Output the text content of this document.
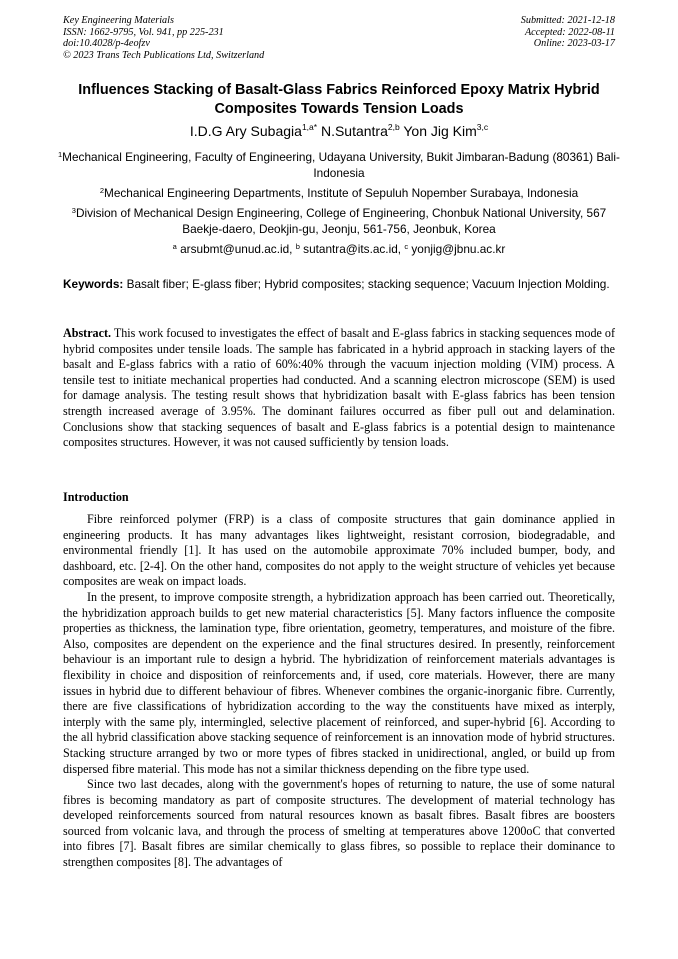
Key Engineering Materials
ISSN: 1662-9795, Vol. 941, pp 225-231
doi:10.4028/p-4eofzv
© 2023 Trans Tech Publications Ltd, Switzerland
Submitted: 2021-12-18
Accepted: 2022-08-11
Online: 2023-03-17
Influences Stacking of Basalt-Glass Fabrics Reinforced Epoxy Matrix Hybrid Composites Towards Tension Loads
I.D.G Ary Subagia$^{1,a*}$ N.Sutantra$^{2,b}$ Yon Jig Kim$^{3,c}$
$^1$Mechanical Engineering, Faculty of Engineering, Udayana University, Bukit Jimbaran-Badung (80361) Bali-Indonesia
$^2$Mechanical Engineering Departments, Institute of Sepuluh Nopember Surabaya, Indonesia
$^3$Division of Mechanical Design Engineering, College of Engineering, Chonbuk National University, 567 Baekje-daero, Deokjin-gu, Jeonju, 561-756, Jeonbuk, Korea
$^a$ arsubmt@unud.ac.id, $^b$ sutantra@its.ac.id, $^c$ yonjig@jbnu.ac.kr
Keywords: Basalt fiber; E-glass fiber; Hybrid composites; stacking sequence; Vacuum Injection Molding.
Abstract. This work focused to investigates the effect of basalt and E-glass fabrics in stacking sequences mode of hybrid composites under tensile loads. The sample has fabricated in a hybrid approach in stacking layers of the basalt and E-glass fabrics with a ratio of 60%:40% through the vacuum injection molding (VIM) process. A tensile test to initiate mechanical properties had conducted. And a scanning electron microscope (SEM) is used for damage analysis. The testing result shows that hybridization basalt with E-glass fabrics has been tension strength increased average of 3.95%. The dominant failures occurred as fiber pull out and delamination. Conclusions show that stacking sequences of basalt and E-glass fabrics is a potential design to maintenance composites structures. However, it was not caused sufficiently by tension loads.
Introduction

Fibre reinforced polymer (FRP) is a class of composite structures that gain dominance applied in engineering products. It has many advantages likes lightweight, resistant corrosion, biodegradable, and environmental friendly [1]. It has used on the automobile approximate 70% included bumper, body, and dashboard, etc. [2-4]. On the other hand, composites do not apply to the weight structure of vehicles yet because composites are weak on impact loads.

In the present, to improve composite strength, a hybridization approach has been carried out. Theoretically, the hybridization approach builds to get new material characteristics [5]. Many factors influence the composite properties as thickness, the lamination type, fibre orientation, geometry, temperatures, and moisture of the fibre. Also, composites are dependent on the experience and the final structures desired. In presently, reinforcement behaviour is an important rule to design a hybrid. The hybridization of reinforcement materials advantages is flexibility in choice and disposition of reinforcements and, if used, core materials. However, there are many issues in hybrid due to different behaviour of fibres. Whenever combines the organic-inorganic fibre. Currently, there are five classifications of hybridization according to the way the constituents have mixed as interply, interply with the same ply, intermingled, selective placement of reinforced, and super-hybrid [6]. According to the all hybrid classification above stacking sequence of reinforcement is an innovation mode of hybrid structures. Stacking structure arranged by two or more types of fibres stacked in unidirectional, angled, or build up from dispersed fibre material. This mode has not a similar thickness depending on the fibre type used.

Since two last decades, along with the government's hopes of returning to nature, the use of some natural fibres is becoming mandatory as part of composite structures. The development of material technology has developed reinforcements sourced from natural resources known as basalt fibres. Basalt fibres are boosters sourced from volcanic lava, and through the process of smelting at temperatures above 1200oC that converted into fibres [7]. Basalt fibres are similar chemically to glass fibres, so possible to replace their dominance to strengthen composites [8]. The advantages of
